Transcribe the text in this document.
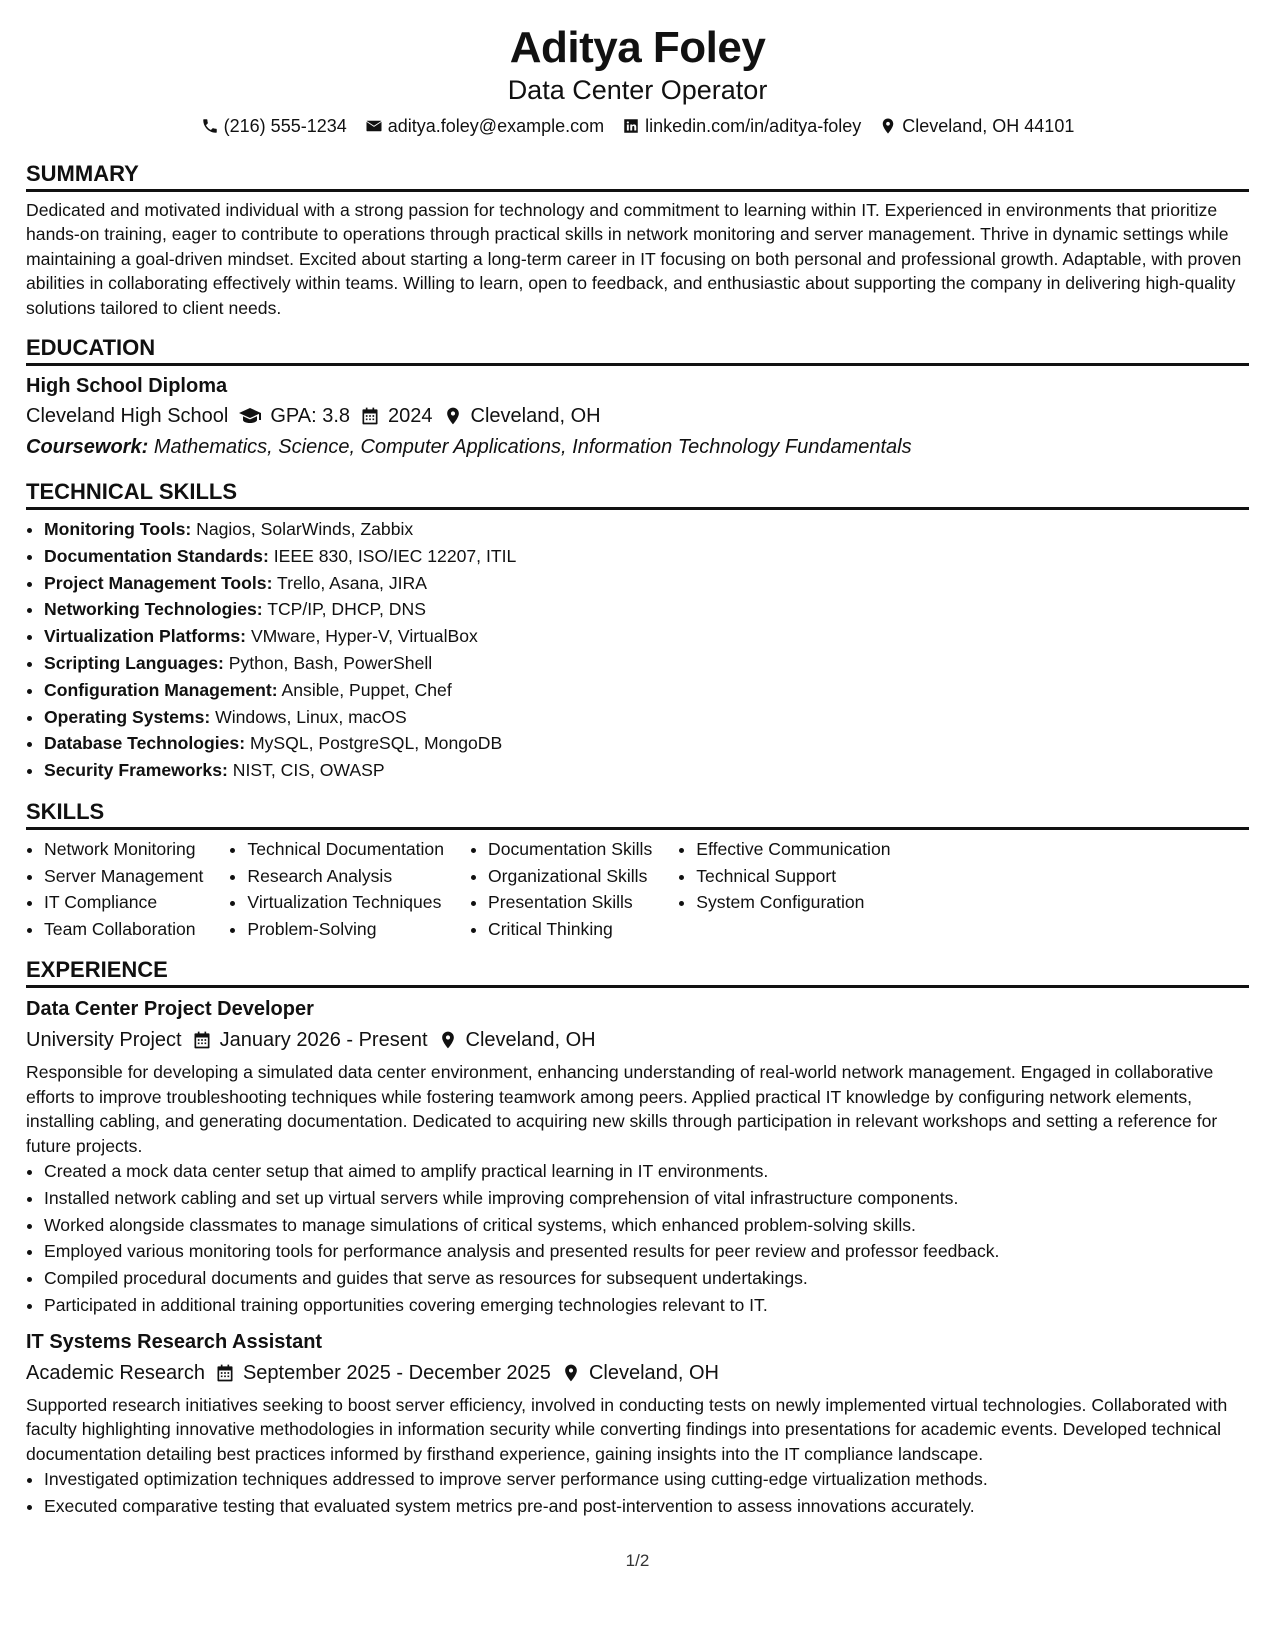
Aditya Foley
Data Center Operator
(216) 555-1234 aditya.foley@example.com linkedin.com/in/aditya-foley Cleveland, OH 44101
SUMMARY

Dedicated and motivated individual with a strong passion for technology and commitment to learning within IT. Experienced in environments that prioritize hands-on training, eager to contribute to operations through practical skills in network monitoring and server management. Thrive in dynamic settings while maintaining a goal-driven mindset. Excited about starting a long-term career in IT focusing on both personal and professional growth. Adaptable, with proven abilities in collaborating effectively within teams. Willing to learn, open to feedback, and enthusiastic about supporting the company in delivering high-quality solutions tailored to client needs.

EDUCATION
High School Diploma
Cleveland High School GPA: 3.8 2024 Cleveland, OH
Coursework: Mathematics, Science, Computer Applications, Information Technology Fundamentals
TECHNICAL SKILLS
• Monitoring Tools: Nagios, SolarWinds, Zabbix
• Documentation Standards: IEEE 830, ISO/IEC 12207, ITIL
• Project Management Tools: Trello, Asana, JIRA
• Networking Technologies: TCP/IP, DHCP, DNS
• Virtualization Platforms: VMware, Hyper-V, VirtualBox
• Scripting Languages: Python, Bash, PowerShell
• Configuration Management: Ansible, Puppet, Chef
• Operating Systems: Windows, Linux, macOS
• Database Technologies: MySQL, PostgreSQL, MongoDB
• Security Frameworks: NIST, CIS, OWASP
SKILLS
• Network Monitoring
• Server Management
• IT Compliance
• Team Collaboration
• Technical Documentation
• Research Analysis
• Virtualization Techniques
• Problem-Solving
• Documentation Skills
• Organizational Skills
• Presentation Skills
• Critical Thinking
• Effective Communication
• Technical Support
• System Configuration
EXPERIENCE
Data Center Project Developer
University Project January 2026 - Present Cleveland, OH

Responsible for developing a simulated data center environment, enhancing understanding of real-world network management. Engaged in collaborative efforts to improve troubleshooting techniques while fostering teamwork among peers. Applied practical IT knowledge by configuring network elements, installing cabling, and generating documentation. Dedicated to acquiring new skills through participation in relevant workshops and setting a reference for future projects.

• Created a mock data center setup that aimed to amplify practical learning in IT environments.
• Installed network cabling and set up virtual servers while improving comprehension of vital infrastructure components.
• Worked alongside classmates to manage simulations of critical systems, which enhanced problem-solving skills.
• Employed various monitoring tools for performance analysis and presented results for peer review and professor feedback.
• Compiled procedural documents and guides that serve as resources for subsequent undertakings.
• Participated in additional training opportunities covering emerging technologies relevant to IT.
IT Systems Research Assistant
Academic Research September 2025 - December 2025 Cleveland, OH

Supported research initiatives seeking to boost server efficiency, involved in conducting tests on newly implemented virtual technologies. Collaborated with faculty highlighting innovative methodologies in information security while converting findings into presentations for academic events. Developed technical documentation detailing best practices informed by firsthand experience, gaining insights into the IT compliance landscape.

• Investigated optimization techniques addressed to improve server performance using cutting-edge virtualization methods.
• Executed comparative testing that evaluated system metrics pre-and post-intervention to assess innovations accurately.
1/2
